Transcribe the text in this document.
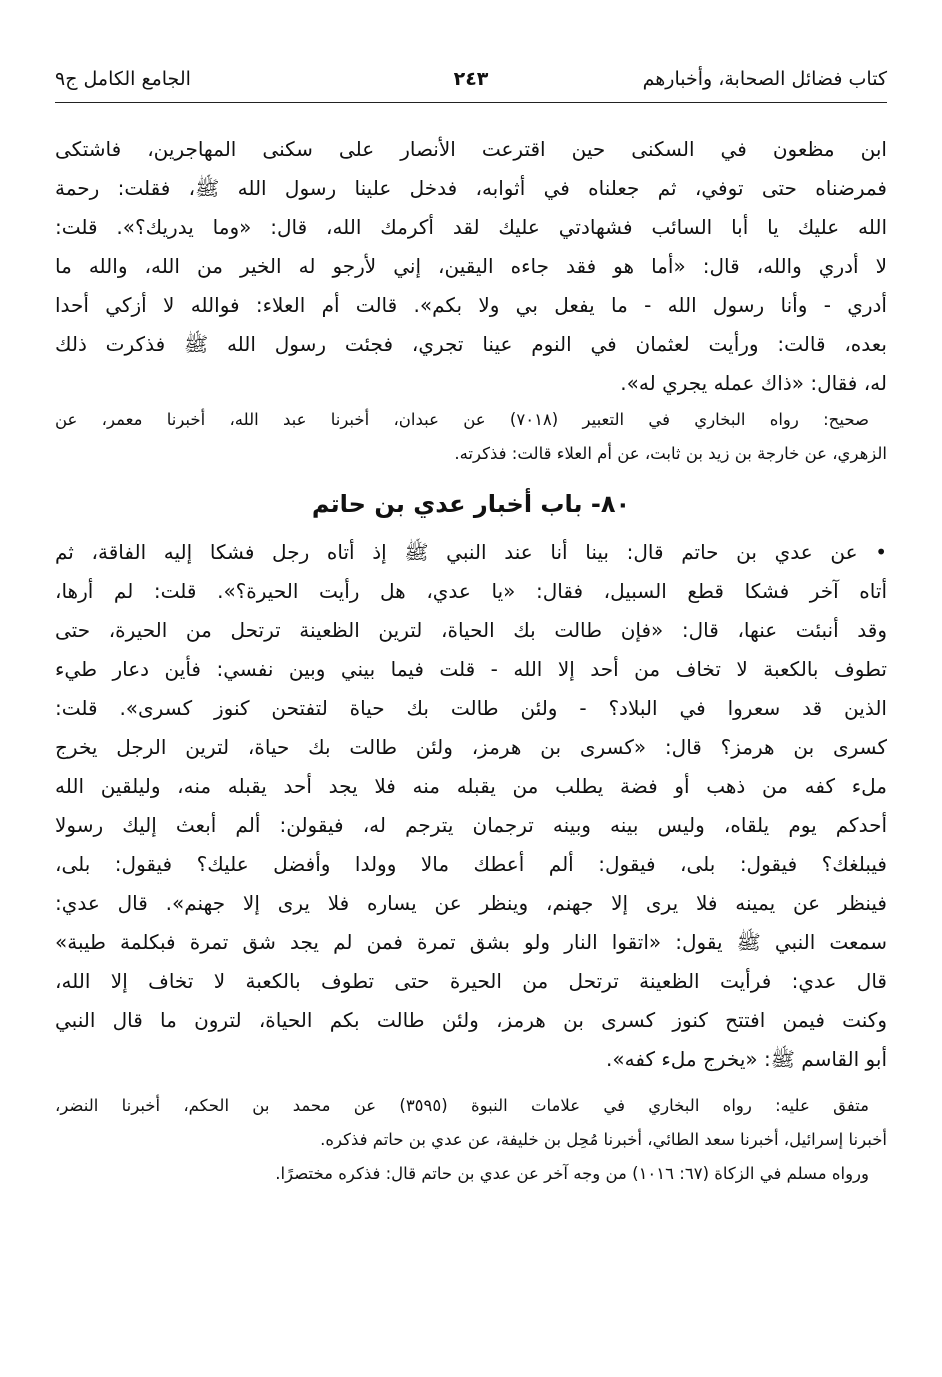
كتاب فضائل الصحابة، وأخبارهم
٢٤٣
الجامع الكامل ج٩
ابن مظعون في السكنى حين اقترعت الأنصار على سكنى المهاجرين، فاشتكى
فمرضناه حتى توفي، ثم جعلناه في أثوابه، فدخل علينا رسول الله ﷺ، فقلت: رحمة
الله عليك يا أبا السائب فشهادتي عليك لقد أكرمك الله، قال: «وما يدريك؟». قلت:
لا أدري والله، قال: «أما هو فقد جاءه اليقين، إني لأرجو له الخير من الله، والله ما
أدري - وأنا رسول الله - ما يفعل بي ولا بكم». قالت أم العلاء: فوالله لا أزكي أحدا
بعده، قالت: ورأيت لعثمان في النوم عينا تجري، فجئت رسول الله ﷺ فذكرت ذلك
له، فقال: «ذاك عمله يجري له».
صحيح: رواه البخاري في التعبير (٧٠١٨) عن عبدان، أخبرنا عبد الله، أخبرنا معمر، عن
الزهري، عن خارجة بن زيد بن ثابت، عن أم العلاء قالت: فذكرته.
٨٠- باب أخبار عدي بن حاتم
• عن عدي بن حاتم قال: بينا أنا عند النبي ﷺ إذ أتاه رجل فشكا إليه الفاقة، ثم
أتاه آخر فشكا قطع السبيل، فقال: «يا عدي، هل رأيت الحيرة؟». قلت: لم أرها،
وقد أنبئت عنها، قال: «فإن طالت بك الحياة، لترين الظعينة ترتحل من الحيرة، حتى
تطوف بالكعبة لا تخاف من أحد إلا الله - قلت فيما بيني وبين نفسي: فأين دعار طيء
الذين قد سعروا في البلاد؟ - ولئن طالت بك حياة لتفتحن كنوز كسرى». قلت:
كسرى بن هرمز؟ قال: «كسرى بن هرمز، ولئن طالت بك حياة، لترين الرجل يخرج
ملء كفه من ذهب أو فضة يطلب من يقبله منه فلا يجد أحد يقبله منه، وليلقين الله
أحدكم يوم يلقاه، وليس بينه وبينه ترجمان يترجم له، فيقولن: ألم أبعث إليك رسولا
فيبلغك؟ فيقول: بلى، فيقول: ألم أعطك مالا وولدا وأفضل عليك؟ فيقول: بلى،
فينظر عن يمينه فلا يرى إلا جهنم، وينظر عن يساره فلا يرى إلا جهنم». قال عدي:
سمعت النبي ﷺ يقول: «اتقوا النار ولو بشق تمرة فمن لم يجد شق تمرة فبكلمة طيبة»
قال عدي: فرأيت الظعينة ترتحل من الحيرة حتى تطوف بالكعبة لا تخاف إلا الله،
وكنت فيمن افتتح كنوز كسرى بن هرمز، ولئن طالت بكم الحياة، لترون ما قال النبي
أبو القاسم ﷺ: «يخرج ملء كفه».
متفق عليه: رواه البخاري في علامات النبوة (٣٥٩٥) عن محمد بن الحكم، أخبرنا النضر،
أخبرنا إسرائيل، أخبرنا سعد الطائي، أخبرنا مُحِل بن خليفة، عن عدي بن حاتم فذكره.
ورواه مسلم في الزكاة (٦٧: ١٠١٦) من وجه آخر عن عدي بن حاتم قال: فذكره مختصرًا.
